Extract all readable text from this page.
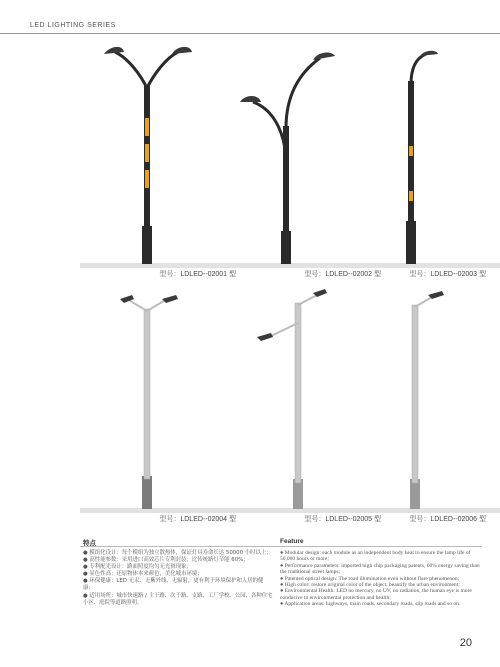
LED LIGHTING SERIES
型号：LDLED--02001 型	型号：LDLED--02002 型	型号：LDLED--02003 型
型号：LDLED--02004 型	型号：LDLED--02005 型	型号：LDLED--02006 型
特点	Feature
● 模组化设计：每个模组为独立散热体，保证灯具寿命长达 50000 小时以上；
● 高性能参数：采用进口高效芯片专利封装，比传统路灯节能 60%；
● 专利配光设计：路面照度均匀无光斑现象；
● 显色性高：还原物体本来颜色，美化城市环境；
● 环保健康：LED 无汞、无紫外线、无辐射，更有利于环境保护和人居的健康；
● 适用场所：城市快速路 / 主干路、次干路、支路、工厂学校、公园、各种住宅小区、庭院等道路照明。
● Modular design: each module as an independent body heat to ensure the lamp life of 50,000 hours or more;
● Performance parameters: imported high chip packaging patents, 60% energy saving than the traditional street lamps;
● Patented optical design: The road illumination even without flare phenomenon;
● High color: restore original color of the object, beautify the urban environment;
● Environmental Health: LED no mercury, no UV, no radiation, the human eye is more conducive to environmental protection and health;
● Application areas: highways, main roads, secondary roads, slip roads and so on.
20
